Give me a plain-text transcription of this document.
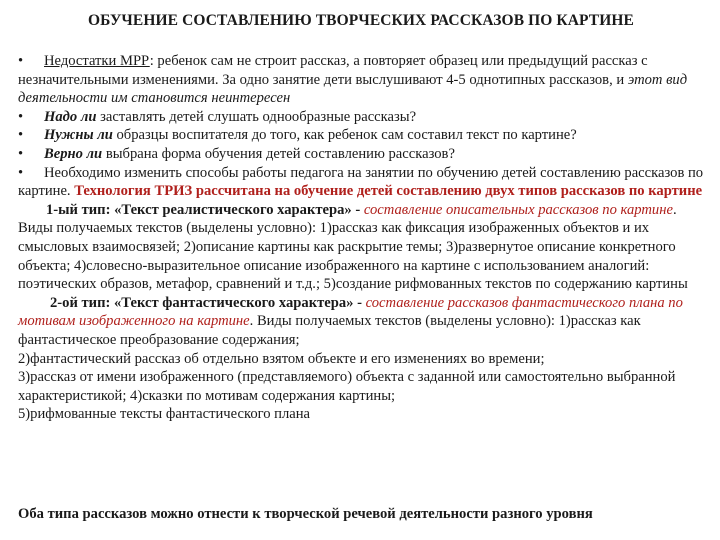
ОБУЧЕНИЕ СОСТАВЛЕНИЮ ТВОРЧЕСКИХ РАССКАЗОВ ПО КАРТИНЕ

• Недостатки МРР: ребенок сам не строит рассказ, а повторяет образец или предыдущий рассказ с незначительными изменениями. За одно занятие дети выслушивают 4-5 однотипных рассказов, и этот вид деятельности им становится неинтересен

• Надо ли заставлять детей слушать однообразные рассказы?

• Нужны ли образцы воспитателя до того, как ребенок сам составил текст по картине?

• Верно ли выбрана форма обучения детей составлению рассказов?

• Необходимо изменить способы работы педагога на занятии по обучению детей составлению рассказов по картине. Технология ТРИЗ рассчитана на обучение детей составлению двух типов рассказов по картине

1-ый тип: «Текст реалистического характера» - составление описательных рассказов по картине. Виды получаемых текстов (выделены условно): 1)рассказ как фиксация изображенных объектов и их смысловых взаимосвязей; 2)описание картины как раскрытие темы; 3)развернутое описание конкретного объекта; 4)словесно-выразительное описание изображенного на картине с использованием аналогий: поэтических образов, метафор, сравнений и т.д.; 5)создание рифмованных текстов по содержанию картины

2-ой тип: «Текст фантастического характера» - составление рассказов фантастического плана по мотивам изображенного на картине. Виды получаемых текстов (выделены условно): 1)рассказ как фантастическое преобразование содержания;

2)фантастический рассказ об отдельно взятом объекте и его изменениях во времени;

3)рассказ от имени изображенного (представляемого) объекта с заданной или самостоятельно выбранной характеристикой; 4)сказки по мотивам содержания картины;

5)рифмованные тексты фантастического плана

Оба типа рассказов можно отнести к творческой речевой деятельности разного уровня
